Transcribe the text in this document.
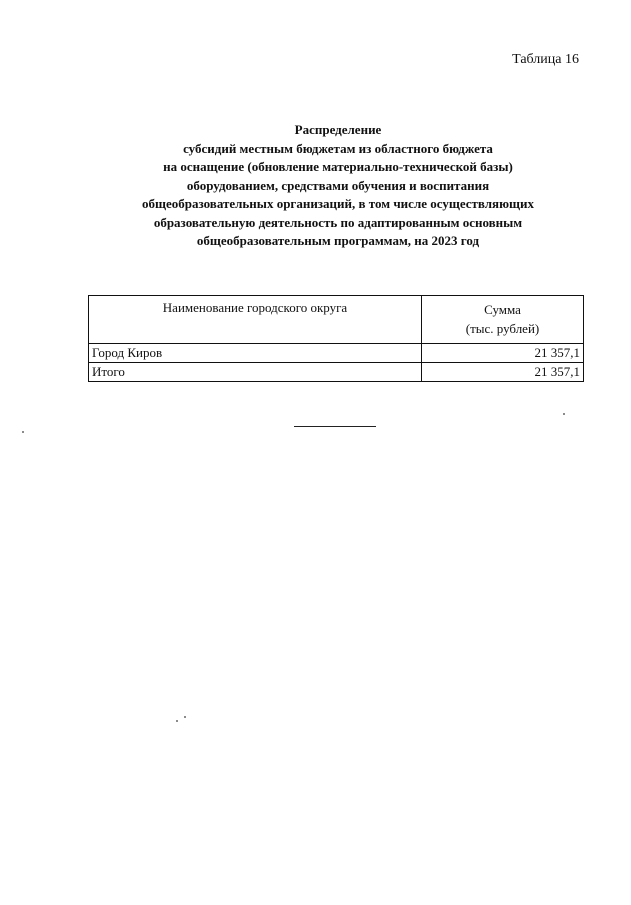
Таблица 16
Распределение
субсидий местным бюджетам из областного бюджета
на оснащение (обновление материально-технической базы)
оборудованием, средствами обучения и воспитания
общеобразовательных организаций, в том числе осуществляющих
образовательную деятельность по адаптированным основным
общеобразовательным программам, на 2023 год
Наименование городского округа	Сумма
(тыс. рублей)

Город Киров	21 357,1
Итого	21 357,1
